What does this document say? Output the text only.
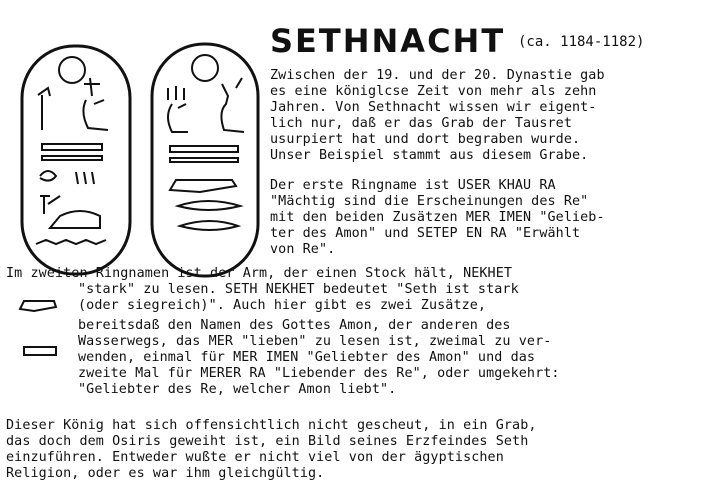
SETHNACHT (ca. 1184-1182)
Zwischen der 19. und der 20. Dynastie gab
es eine königlcse Zeit von mehr als zehn
Jahren. Von Sethnacht wissen wir eigent-
lich nur, daß er das Grab der Tausret
usurpiert hat und dort begraben wurde.
Unser Beispiel stammt aus diesem Grabe.
Der erste Ringname ist USER KHAU RA
"Mächtig sind die Erscheinungen des Re"
mit den beiden Zusätzen MER IMEN "Gelieb-
ter des Amon" und SETEP EN RA "Erwählt
von Re".
Im zweiten Ringnamen ist der Arm, der einen Stock hält, NEKHET
"stark" zu lesen. SETH NEKHET bedeutet "Seth ist stark
(oder siegreich)". Auch hier gibt es zwei Zusätze,
bereitsdaß den Namen des Gottes Amon, der anderen des
Wasserwegs, das MER "lieben" zu lesen ist, zweimal zu ver-
wenden, einmal für MER IMEN "Geliebter des Amon" und das
zweite Mal für MERER RA "Liebender des Re", oder umgekehrt:
"Geliebter des Re, welcher Amon liebt".
Dieser König hat sich offensichtlich nicht gescheut, in ein Grab,
das doch dem Osiris geweiht ist, ein Bild seines Erzfeindes Seth
einzuführen. Entweder wußte er nicht viel von der ägyptischen
Religion, oder es war ihm gleichgültig.
